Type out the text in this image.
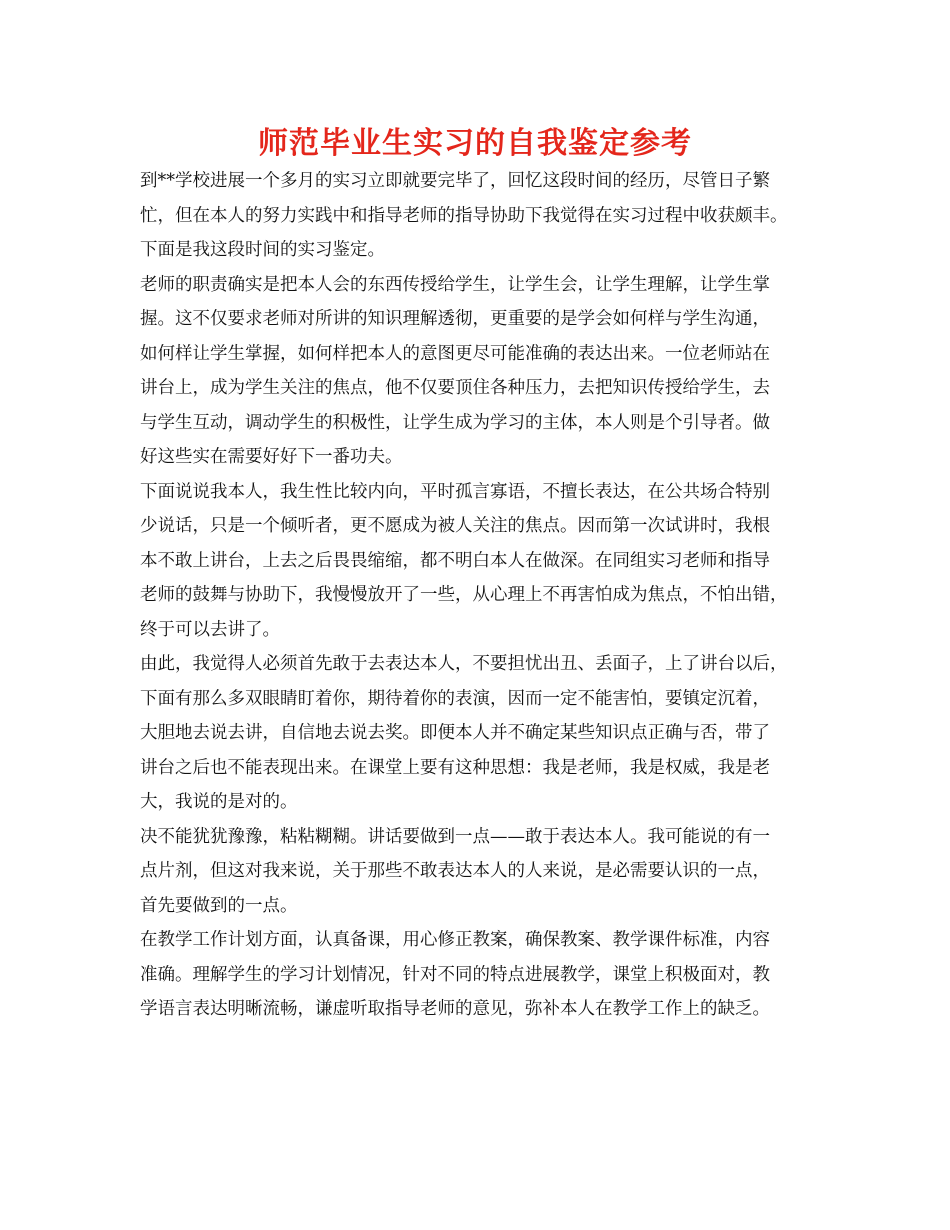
师范毕业生实习的自我鉴定参考
到**学校进展一个多月的实习立即就要完毕了，回忆这段时间的经历，尽管日子繁
忙，但在本人的努力实践中和指导老师的指导协助下我觉得在实习过程中收获颇丰。
下面是我这段时间的实习鉴定。
老师的职责确实是把本人会的东西传授给学生，让学生会，让学生理解，让学生掌
握。这不仅要求老师对所讲的知识理解透彻，更重要的是学会如何样与学生沟通，
如何样让学生掌握，如何样把本人的意图更尽可能准确的表达出来。一位老师站在
讲台上，成为学生关注的焦点，他不仅要顶住各种压力，去把知识传授给学生，去
与学生互动，调动学生的积极性，让学生成为学习的主体，本人则是个引导者。做
好这些实在需要好好下一番功夫。
下面说说我本人，我生性比较内向，平时孤言寡语，不擅长表达，在公共场合特别
少说话，只是一个倾听者，更不愿成为被人关注的焦点。因而第一次试讲时，我根
本不敢上讲台，上去之后畏畏缩缩，都不明白本人在做深。在同组实习老师和指导
老师的鼓舞与协助下，我慢慢放开了一些，从心理上不再害怕成为焦点，不怕出错，
终于可以去讲了。
由此，我觉得人必须首先敢于去表达本人，不要担忧出丑、丢面子，上了讲台以后，
下面有那么多双眼睛盯着你，期待着你的表演，因而一定不能害怕，要镇定沉着，
大胆地去说去讲，自信地去说去奖。即便本人并不确定某些知识点正确与否，带了
讲台之后也不能表现出来。在课堂上要有这种思想：我是老师，我是权威，我是老
大，我说的是对的。
决不能犹犹豫豫，粘粘糊糊。讲话要做到一点——敢于表达本人。我可能说的有一
点片剂，但这对我来说，关于那些不敢表达本人的人来说，是必需要认识的一点，
首先要做到的一点。
在教学工作计划方面，认真备课，用心修正教案，确保教案、教学课件标准，内容
准确。理解学生的学习计划情况，针对不同的特点进展教学，课堂上积极面对，教
学语言表达明晰流畅，谦虚听取指导老师的意见，弥补本人在教学工作上的缺乏。
